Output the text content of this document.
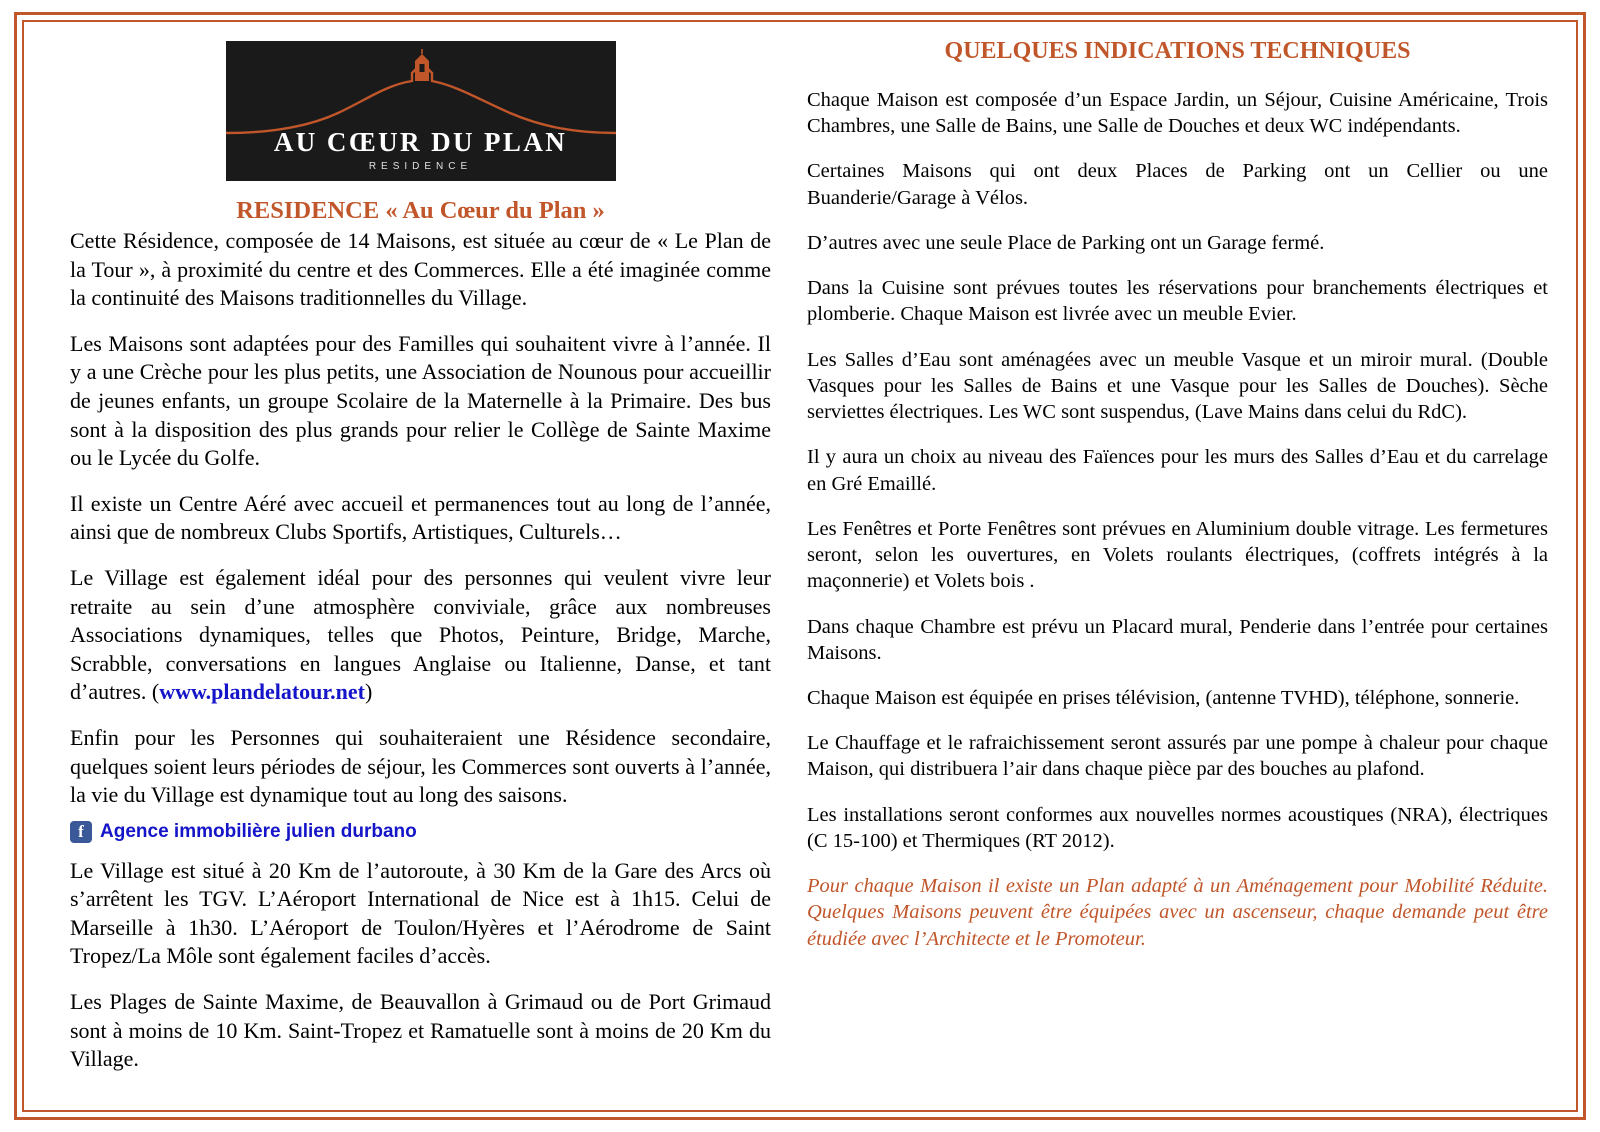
AU CŒUR DU PLAN
RESIDENCE
RESIDENCE « Au Cœur du Plan »

Cette Résidence, composée de 14 Maisons, est située au cœur de « Le Plan de la Tour », à proximité du centre et des Commerces. Elle a été imaginée comme la continuité des Maisons traditionnelles du Village.

Les Maisons sont adaptées pour des Familles qui souhaitent vivre à l’année. Il y a une Crèche pour les plus petits, une Association de Nounous pour accueillir de jeunes enfants, un groupe Scolaire de la Maternelle à la Primaire. Des bus sont à la disposition des plus grands pour relier le Collège de Sainte Maxime ou le Lycée du Golfe.

Il existe un Centre Aéré avec accueil et permanences tout au long de l’année, ainsi que de nombreux Clubs Sportifs, Artistiques, Culturels…

Le Village est également idéal pour des personnes qui veulent vivre leur retraite au sein d’une atmosphère conviviale, grâce aux nombreuses Associations dynamiques, telles que Photos, Peinture, Bridge, Marche, Scrabble, conversations en langues Anglaise ou Italienne, Danse, et tant d’autres. (www.plandelatour.net)

Enfin pour les Personnes qui souhaiteraient une Résidence secondaire, quelques soient leurs périodes de séjour, les Commerces sont ouverts à l’année, la vie du Village est dynamique tout au long des saisons.

f Agence immobilière julien durbano

Le Village est situé à 20 Km de l’autoroute, à 30 Km de la Gare des Arcs où s’arrêtent les TGV. L’Aéroport International de Nice est à 1h15. Celui de Marseille à 1h30. L’Aéroport de Toulon/Hyères et l’Aérodrome de Saint Tropez/La Môle sont également faciles d’accès.

Les Plages de Sainte Maxime, de Beauvallon à Grimaud ou de Port Grimaud sont à moins de 10 Km. Saint-Tropez et Ramatuelle sont à moins de 20 Km du Village.

QUELQUES INDICATIONS TECHNIQUES

Chaque Maison est composée d’un Espace Jardin, un Séjour, Cuisine Américaine, Trois Chambres, une Salle de Bains, une Salle de Douches et deux WC indépendants.

Certaines Maisons qui ont deux Places de Parking ont un Cellier ou une Buanderie/Garage à Vélos.

D’autres avec une seule Place de Parking ont un Garage fermé.

Dans la Cuisine sont prévues toutes les réservations pour branchements électriques et plomberie. Chaque Maison est livrée avec un meuble Evier.

Les Salles d’Eau sont aménagées avec un meuble Vasque et un miroir mural. (Double Vasques pour les Salles de Bains et une Vasque pour les Salles de Douches). Sèche serviettes électriques. Les WC sont suspendus, (Lave Mains dans celui du RdC).

Il y aura un choix au niveau des Faïences pour les murs des Salles d’Eau et du carrelage en Gré Emaillé.

Les Fenêtres et Porte Fenêtres sont prévues en Aluminium double vitrage. Les fermetures seront, selon les ouvertures, en Volets roulants électriques, (coffrets intégrés à la maçonnerie) et Volets bois .

Dans chaque Chambre est prévu un Placard mural, Penderie dans l’entrée pour certaines Maisons.

Chaque Maison est équipée en prises télévision, (antenne TVHD), téléphone, sonnerie.

Le Chauffage et le rafraichissement seront assurés par une pompe à chaleur pour chaque Maison, qui distribuera l’air dans chaque pièce par des bouches au plafond.

Les installations seront conformes aux nouvelles normes acoustiques (NRA), électriques (C 15-100) et Thermiques (RT 2012).

Pour chaque Maison il existe un Plan adapté à un Aménagement pour Mobilité Réduite. Quelques Maisons peuvent être équipées avec un ascenseur, chaque demande peut être étudiée avec l’Architecte et le Promoteur.
